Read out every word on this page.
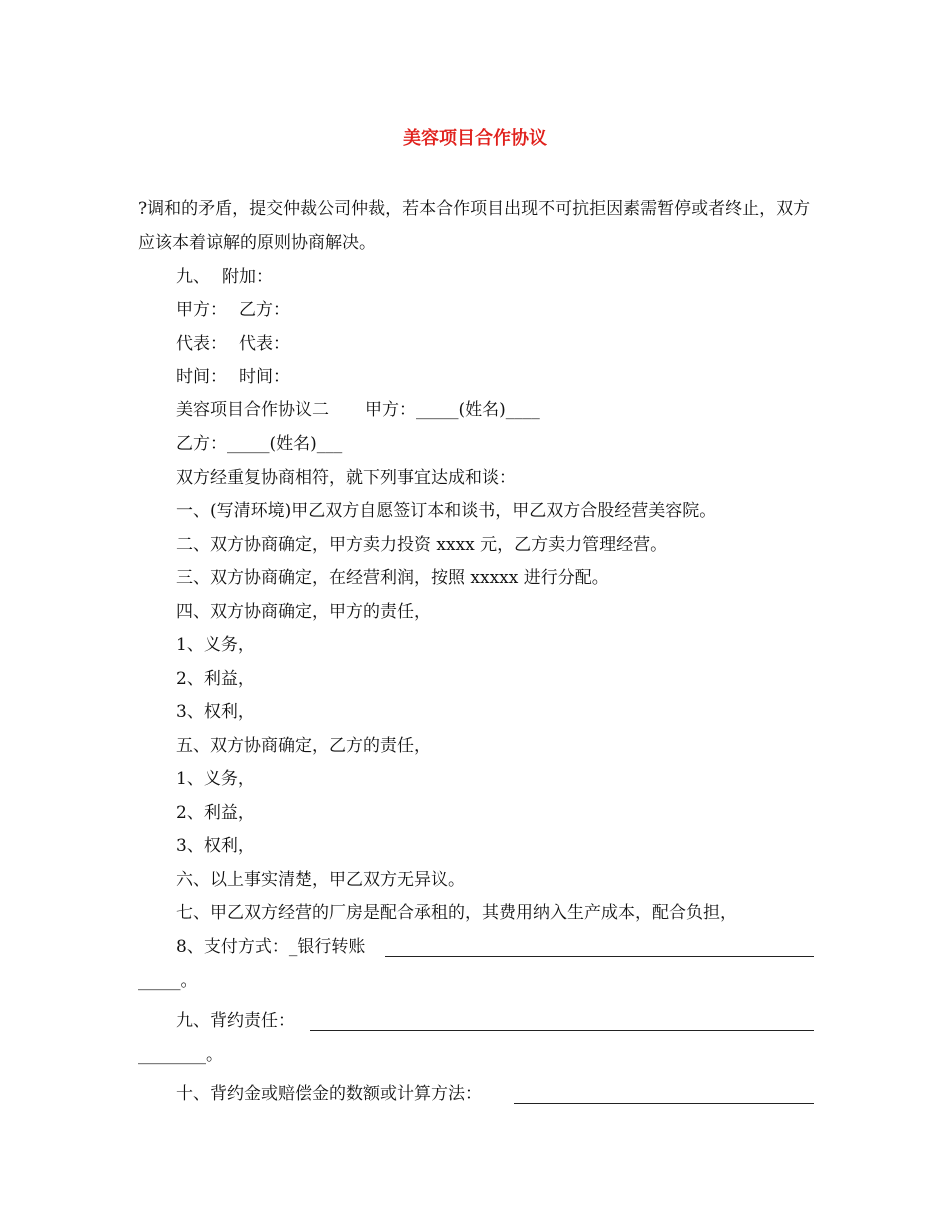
美容项目合作协议

?调和的矛盾，提交仲裁公司仲裁，若本合作项目出现不可抗拒因素需暂停或者终止，双方应该本着谅解的原则协商解决。

九、 附加：
甲方： 乙方：
代表： 代表：
时间： 时间：
美容项目合作协议二 甲方：_____(姓名)____
乙方：_____(姓名)___
双方经重复协商相符，就下列事宜达成和谈：
一、(写清环境)甲乙双方自愿签订本和谈书，甲乙双方合股经营美容院。
二、双方协商确定，甲方卖力投资 xxxx 元，乙方卖力管理经营。
三、双方协商确定，在经营利润，按照 xxxxx 进行分配。
四、双方协商确定，甲方的责任，
1、义务，
2、利益，
3、权利，
五、双方协商确定，乙方的责任，
1、义务，
2、利益，
3、权利，
六、以上事实清楚，甲乙双方无异议。
七、甲乙双方经营的厂房是配合承租的，其费用纳入生产成本，配合负担，
8、支付方式：_银行转账
_____。
九、背约责任：
________。
十、背约金或赔偿金的数额或计算方法：
